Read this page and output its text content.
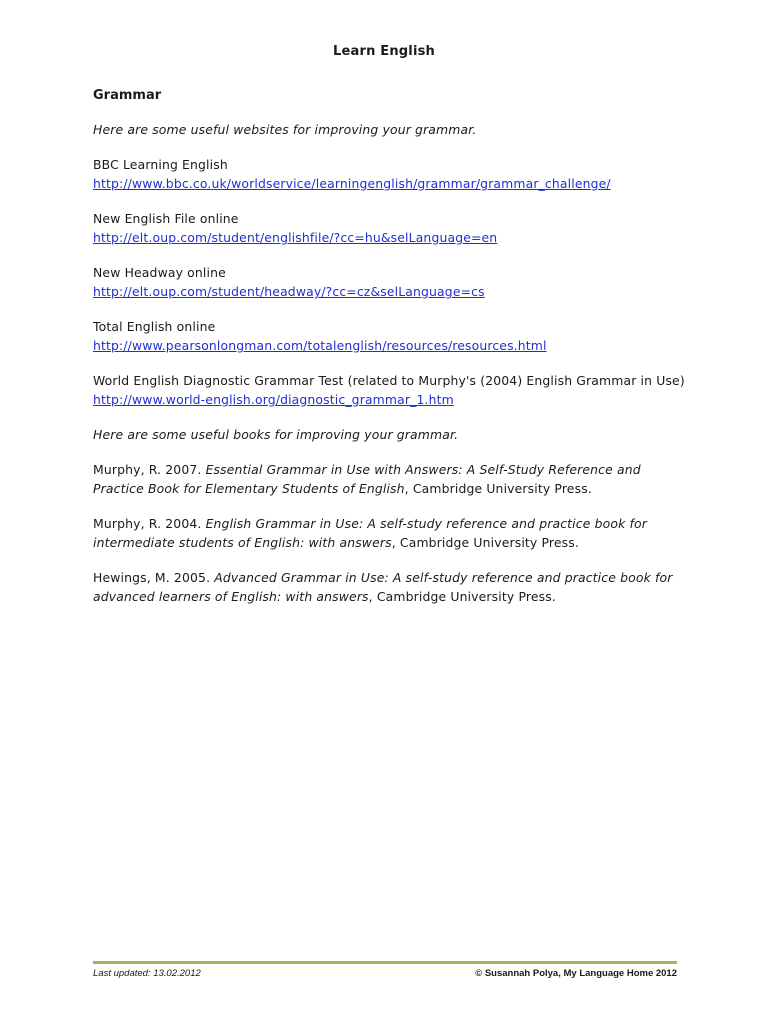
Learn English
Grammar

Here are some useful websites for improving your grammar.

BBC Learning English
http://www.bbc.co.uk/worldservice/learningenglish/grammar/grammar_challenge/
New English File online
http://elt.oup.com/student/englishfile/?cc=hu&selLanguage=en
New Headway online
http://elt.oup.com/student/headway/?cc=cz&selLanguage=cs
Total English online
http://www.pearsonlongman.com/totalenglish/resources/resources.html
World English Diagnostic Grammar Test (related to Murphy's (2004) English Grammar in Use)
http://www.world-english.org/diagnostic_grammar_1.htm

Here are some useful books for improving your grammar.

Murphy, R. 2007. Essential Grammar in Use with Answers: A Self-Study Reference and Practice Book for Elementary Students of English, Cambridge University Press.

Murphy, R. 2004. English Grammar in Use: A self-study reference and practice book for intermediate students of English: with answers, Cambridge University Press.

Hewings, M. 2005. Advanced Grammar in Use: A self-study reference and practice book for advanced learners of English: with answers, Cambridge University Press.

Last updated: 13.02.2012	© Susannah Polya, My Language Home 2012
